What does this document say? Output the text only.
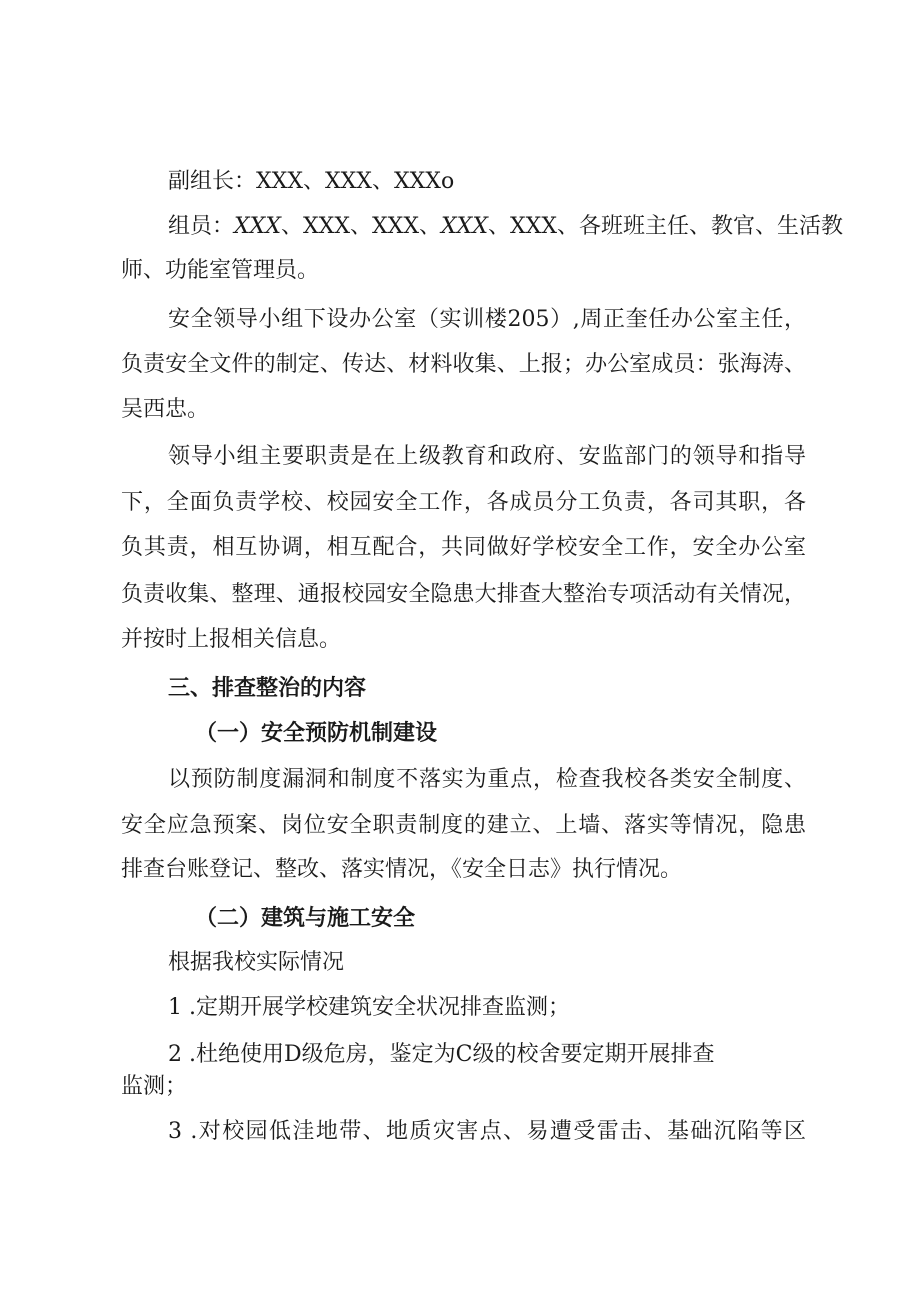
副组长：XXX、XXX、XXXo
组员：XXX、XXX、XXX、XXX、XXX、各班班主任、教官、生活教
师、功能室管理员。
安全领导小组下设办公室（实训楼205）,周正奎任办公室主任，
负责安全文件的制定、传达、材料收集、上报；办公室成员：张海涛、
吴西忠。
领导小组主要职责是在上级教育和政府、安监部门的领导和指导
下，全面负责学校、校园安全工作，各成员分工负责，各司其职，各
负其责，相互协调，相互配合，共同做好学校安全工作，安全办公室
负责收集、整理、通报校园安全隐患大排查大整治专项活动有关情况，
并按时上报相关信息。
三、排查整治的内容
（一）安全预防机制建设
以预防制度漏洞和制度不落实为重点，检查我校各类安全制度、
安全应急预案、岗位安全职责制度的建立、上墙、落实等情况，隐患
排查台账登记、整改、落实情况，《安全日志》执行情况。
（二）建筑与施工安全
根据我校实际情况
1 .定期开展学校建筑安全状况排查监测；
2 .杜绝使用D级危房，鉴定为C级的校舍要定期开展排查
监测；
3 .对校园低洼地带、地质灾害点、易遭受雷击、基础沉陷等区
